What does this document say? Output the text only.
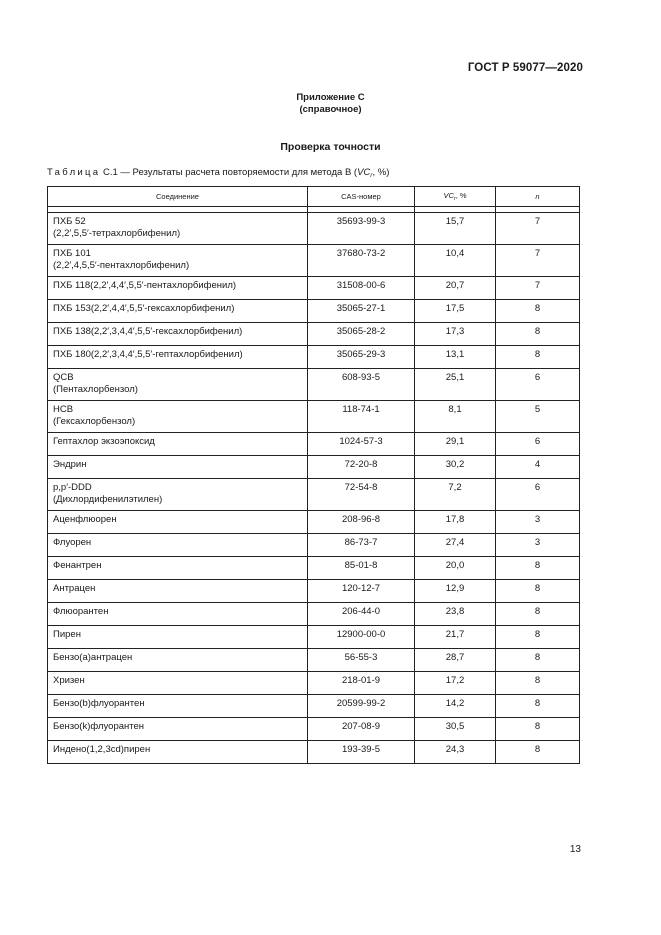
ГОСТ Р 59077—2020
Приложение С
(справочное)
Проверка точности
Таблица С.1 — Результаты расчета повторяемости для метода В ($VC_r$, %)
Соединение	CAS-номер	$VC_r$, %	n

ПХБ 52
(2,2′,5,5′-тетрахлорбифенил)	35693-99-3	15,7	7

ПХБ 101
(2,2′,4,5,5′-пентахлорбифенил)	37680-73-2	10,4	7

ПХБ 118(2,2′,4,4′,5,5′-пентахлорбифенил)	31508-00-6	20,7	7

ПХБ 153(2,2′,4,4′,5,5′-гексахлорбифенил)	35065-27-1	17,5	8

ПХБ 138(2,2′,3,4,4′,5,5′-гексахлорбифенил)	35065-28-2	17,3	8

ПХБ 180(2,2′,3,4,4′,5,5′-гептахлорбифенил)	35065-29-3	13,1	8

QCB
(Пентахлорбензол)	608-93-5	25,1	6

НСВ
(Гексахлорбензол)	118-74-1	8,1	5

Гептахлор экзоэпоксид	1024-57-3	29,1	6

Эндрин	72-20-8	30,2	4

p,p′-DDD
(Дихлордифенилэтилен)	72-54-8	7,2	6

Аценфлюорен	208-96-8	17,8	3

Флуорен	86-73-7	27,4	3

Фенантрен	85-01-8	20,0	8

Антрацен	120-12-7	12,9	8

Флюорантен	206-44-0	23,8	8

Пирен	12900-00-0	21,7	8

Бензо(а)антрацен	56-55-3	28,7	8

Хризен	218-01-9	17,2	8

Бензо(b)флуорантен	20599-99-2	14,2	8

Бензо(k)флуорантен	207-08-9	30,5	8

Индено(1,2,3cd)пирен	193-39-5	24,3	8
13
